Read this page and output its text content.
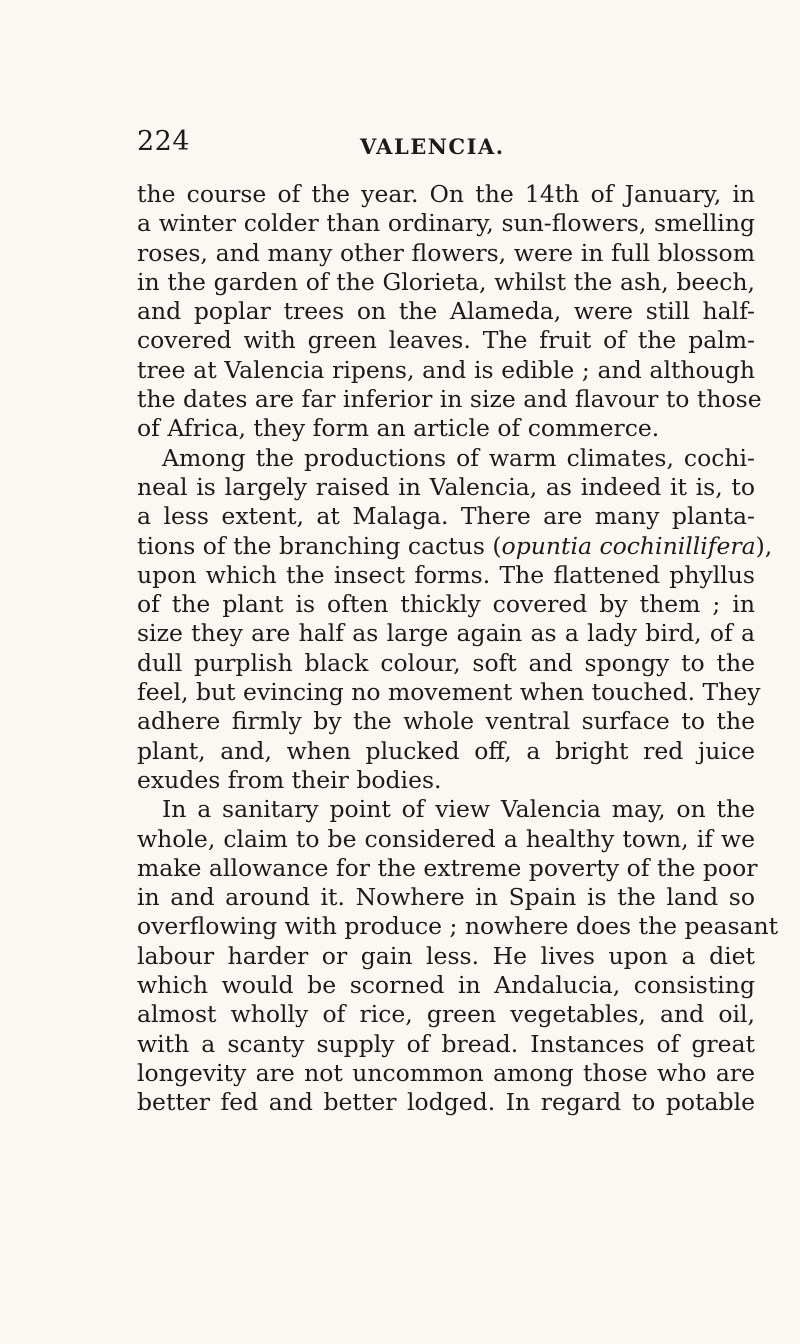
224	VALENCIA.
the course of the year. On the 14th of January, in
a winter colder than ordinary, sun-flowers, smelling
roses, and many other flowers, were in full blossom
in the garden of the Glorieta, whilst the ash, beech,
and poplar trees on the Alameda, were still half-
covered with green leaves. The fruit of the palm-
tree at Valencia ripens, and is edible ; and although
the dates are far inferior in size and flavour to those
of Africa, they form an article of commerce.
Among the productions of warm climates, cochi-
neal is largely raised in Valencia, as indeed it is, to
a less extent, at Malaga. There are many planta-
tions of the branching cactus (opuntia cochinillifera),
upon which the insect forms. The flattened phyllus
of the plant is often thickly covered by them ; in
size they are half as large again as a lady bird, of a
dull purplish black colour, soft and spongy to the
feel, but evincing no movement when touched. They
adhere firmly by the whole ventral surface to the
plant, and, when plucked off, a bright red juice
exudes from their bodies.
In a sanitary point of view Valencia may, on the
whole, claim to be considered a healthy town, if we
make allowance for the extreme poverty of the poor
in and around it. Nowhere in Spain is the land so
overflowing with produce ; nowhere does the peasant
labour harder or gain less. He lives upon a diet
which would be scorned in Andalucia, consisting
almost wholly of rice, green vegetables, and oil,
with a scanty supply of bread. Instances of great
longevity are not uncommon among those who are
better fed and better lodged. In regard to potable
